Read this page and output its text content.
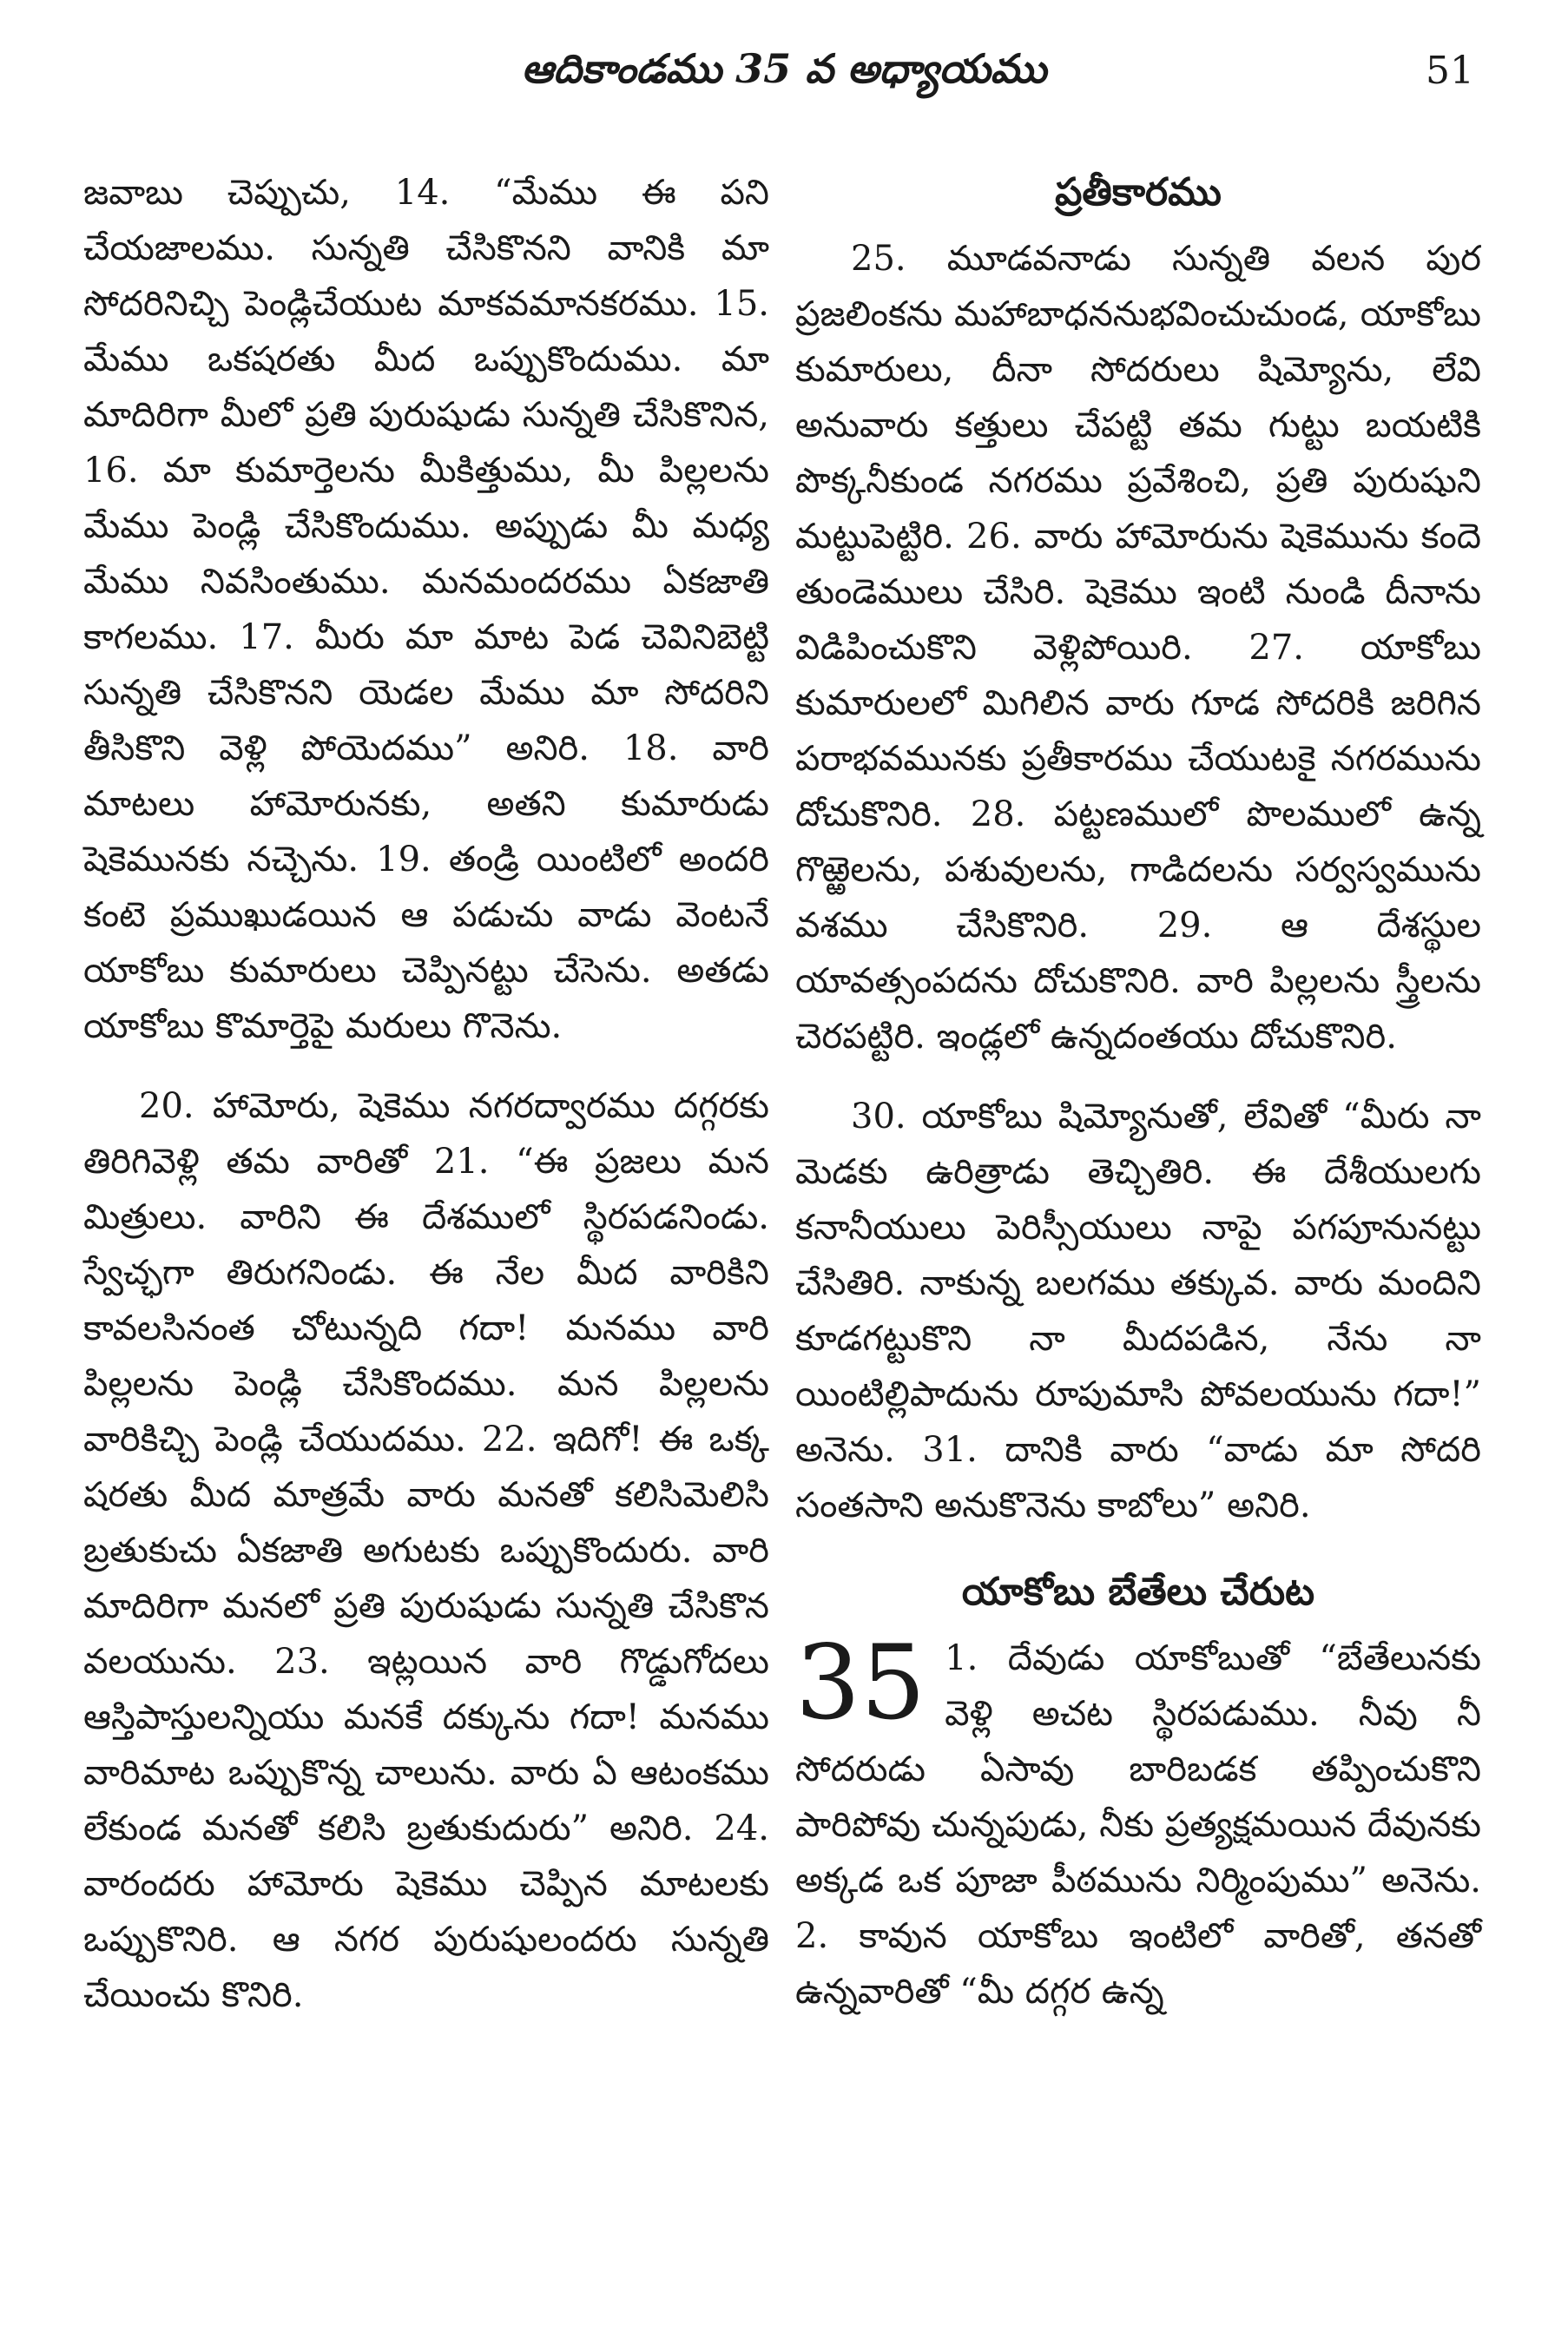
ఆదికాండము 35 వ అధ్యాయము	51

జవాబు చెప్పుచు, 14. “మేము ఈ పని చేయజాలము. సున్నతి చేసికొనని వానికి మా సోదరినిచ్చి పెండ్లిచేయుట మాకవమానకరము. 15. మేము ఒకషరతు మీద ఒప్పుకొందుము. మా మాదిరిగా మీలో ప్రతి పురుషుడు సున్నతి చేసికొనిన, 16. మా కుమార్తెలను మీకిత్తుము, మీ పిల్లలను మేము పెండ్లి చేసికొందుము. అప్పుడు మీ మధ్య మేము నివసింతుము. మనమందరము ఏకజాతి కాగలము. 17. మీరు మా మాట పెడ చెవినిబెట్టి సున్నతి చేసికొనని యెడల మేము మా సోదరిని తీసికొని వెళ్లి పోయెదము” అనిరి. 18. వారి మాటలు హామోరునకు, అతని కుమారుడు షెకెమునకు నచ్చెను. 19. తండ్రి యింటిలో అందరి కంటె ప్రముఖుడయిన ఆ పడుచు వాడు వెంటనే యాకోబు కుమారులు చెప్పినట్టు చేసెను. అతడు యాకోబు కొమార్తెపై మరులు గొనెను.

20. హామోరు, షెకెము నగరద్వారము దగ్గరకు తిరిగివెళ్లి తమ వారితో 21. “ఈ ప్రజలు మన మిత్రులు. వారిని ఈ దేశములో స్థిరపడనిండు. స్వేచ్ఛగా తిరుగనిండు. ఈ నేల మీద వారికిని కావలసినంత చోటున్నది గదా! మనము వారి పిల్లలను పెండ్లి చేసికొందము. మన పిల్లలను వారికిచ్చి పెండ్లి చేయుదము. 22. ఇదిగో! ఈ ఒక్క షరతు మీద మాత్రమే వారు మనతో కలిసిమెలిసి బ్రతుకుచు ఏకజాతి అగుటకు ఒప్పుకొందురు. వారి మాదిరిగా మనలో ప్రతి పురుషుడు సున్నతి చేసికొన వలయును. 23. ఇట్లయిన వారి గొడ్డుగోదలు ఆస్తిపాస్తులన్నియు మనకే దక్కును గదా! మనము వారిమాట ఒప్పుకొన్న చాలును. వారు ఏ ఆటంకము లేకుండ మనతో కలిసి బ్రతుకుదురు” అనిరి. 24. వారందరు హామోరు షెకెము చెప్పిన మాటలకు ఒప్పుకొనిరి. ఆ నగర పురుషులందరు సున్నతి చేయించు కొనిరి.

ప్రతీకారము

25. మూడవనాడు సున్నతి వలన పుర ప్రజలింకను మహాబాధననుభవించుచుండ, యాకోబు కుమారులు, దీనా సోదరులు షిమ్యోను, లేవి అనువారు కత్తులు చేపట్టి తమ గుట్టు బయటికి పొక్కనీకుండ నగరము ప్రవేశించి, ప్రతి పురుషుని మట్టుపెట్టిరి. 26. వారు హామోరును షెకెమును కందె తుండెములు చేసిరి. షెకెము ఇంటి నుండి దీనాను విడిపించుకొని వెళ్లిపోయిరి. 27. యాకోబు కుమారులలో మిగిలిన వారు గూడ సోదరికి జరిగిన పరాభవమునకు ప్రతీకారము చేయుటకై నగరమును దోచుకొనిరి. 28. పట్టణములో పొలములో ఉన్న గొఱ్ఱెలను, పశువులను, గాడిదలను సర్వస్వమును వశము చేసికొనిరి. 29. ఆ దేశస్థుల యావత్సంపదను దోచుకొనిరి. వారి పిల్లలను స్త్రీలను చెరపట్టిరి. ఇండ్లలో ఉన్నదంతయు దోచుకొనిరి.

30. యాకోబు షిమ్యోనుతో, లేవితో “మీరు నా మెడకు ఉరిత్రాడు తెచ్చితిరి. ఈ దేశీయులగు కనానీయులు పెరిస్సీయులు నాపై పగపూనునట్టు చేసితిరి. నాకున్న బలగము తక్కువ. వారు మందిని కూడగట్టుకొని నా మీదపడిన, నేను నా యింటిల్లిపాదును రూపుమాసి పోవలయును గదా!” అనెను. 31. దానికి వారు “వాడు మా సోదరి సంతసాని అనుకొనెను కాబోలు” అనిరి.

యాకోబు బేతేలు చేరుట

35 1. దేవుడు యాకోబుతో “బేతేలునకు వెళ్లి అచట స్థిరపడుము. నీవు నీ సోదరుడు ఏసావు బారిబడక తప్పించుకొని పారిపోవు చున్నపుడు, నీకు ప్రత్యక్షమయిన దేవునకు అక్కడ ఒక పూజా పీఠమును నిర్మింపుము” అనెను. 2. కావున యాకోబు ఇంటిలో వారితో, తనతో ఉన్నవారితో “మీ దగ్గర ఉన్న
